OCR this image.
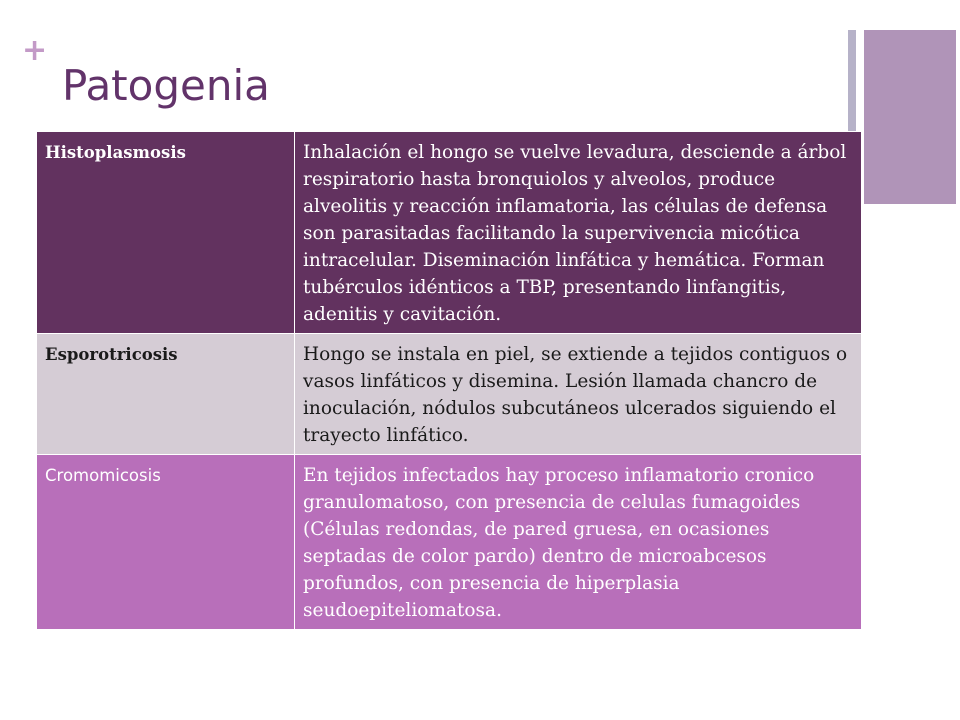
+
Patogenia
Histoplasmosis	Inhalación el hongo se vuelve levadura, desciende a árbol respiratorio hasta bronquiolos y alveolos, produce alveolitis y reacción inflamatoria, las células de defensa son parasitadas facilitando la supervivencia micótica intracelular. Diseminación linfática y hemática. Forman tubérculos idénticos a TBP, presentando linfangitis, adenitis y cavitación.
Esporotricosis	Hongo se instala en piel, se extiende a tejidos contiguos o vasos linfáticos y disemina. Lesión llamada chancro de inoculación, nódulos subcutáneos ulcerados siguiendo el trayecto linfático.
Cromomicosis	En tejidos infectados hay proceso inflamatorio cronico granulomatoso, con presencia de celulas fumagoides (Células redondas, de pared gruesa, en ocasiones septadas de color pardo) dentro de microabcesos profundos, con presencia de hiperplasia seudoepiteliomatosa.
